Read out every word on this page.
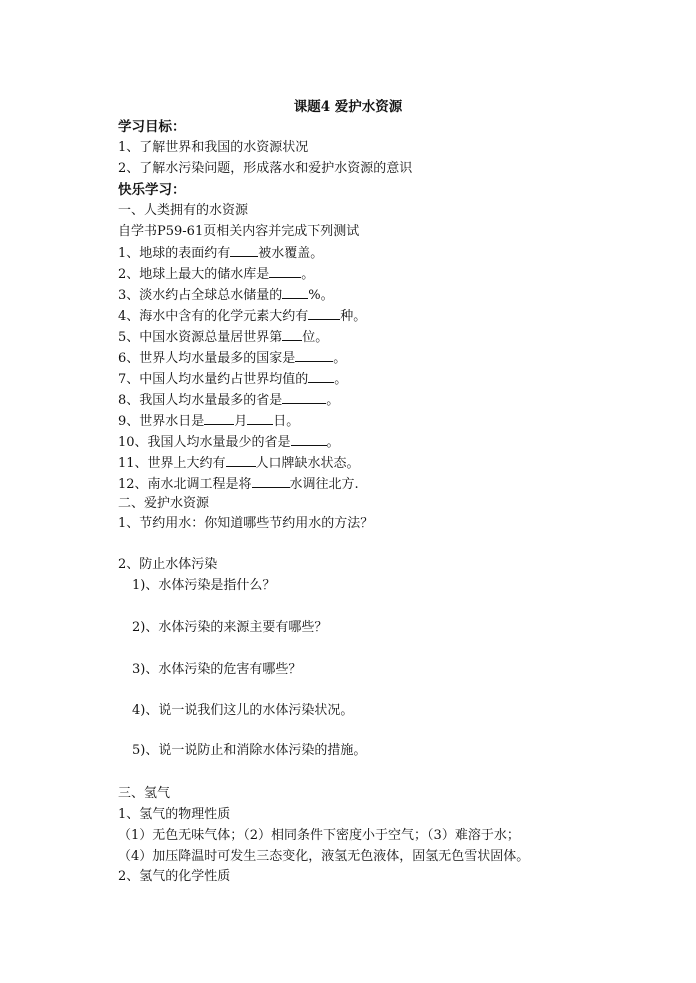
课题4 爱护水资源
学习目标：
1、了解世界和我国的水资源状况
2、了解水污染问题，形成落水和爱护水资源的意识
快乐学习：
一、人类拥有的水资源
自学书P59-61页相关内容并完成下列测试
1、地球的表面约有 被水覆盖。
2、地球上最大的储水库是 。
3、淡水约占全球总水储量的 %。
4、海水中含有的化学元素大约有 种。
5、中国水资源总量居世界第 位。
6、世界人均水量最多的国家是	。
7、中国人均水量约占世界均值的 。
8、我国人均水量最多的省是	。
9、世界水日是 月 日。
10、我国人均水量最少的省是	。
11、世界上大约有 人口牌缺水状态。
12、南水北调工程是将	水调往北方.
二、爱护水资源
1、节约用水：你知道哪些节约用水的方法？
2、防止水体污染
1)、水体污染是指什么？
2)、水体污染的来源主要有哪些？
3)、水体污染的危害有哪些？
4)、说一说我们这儿的水体污染状况。
5)、说一说防止和消除水体污染的措施。
三、氢气
1、氢气的物理性质
（1）无色无味气体；（2）相同条件下密度小于空气；（3）难溶于水；
（4）加压降温时可发生三态变化，液氢无色液体，固氢无色雪状固体。
2、氢气的化学性质
